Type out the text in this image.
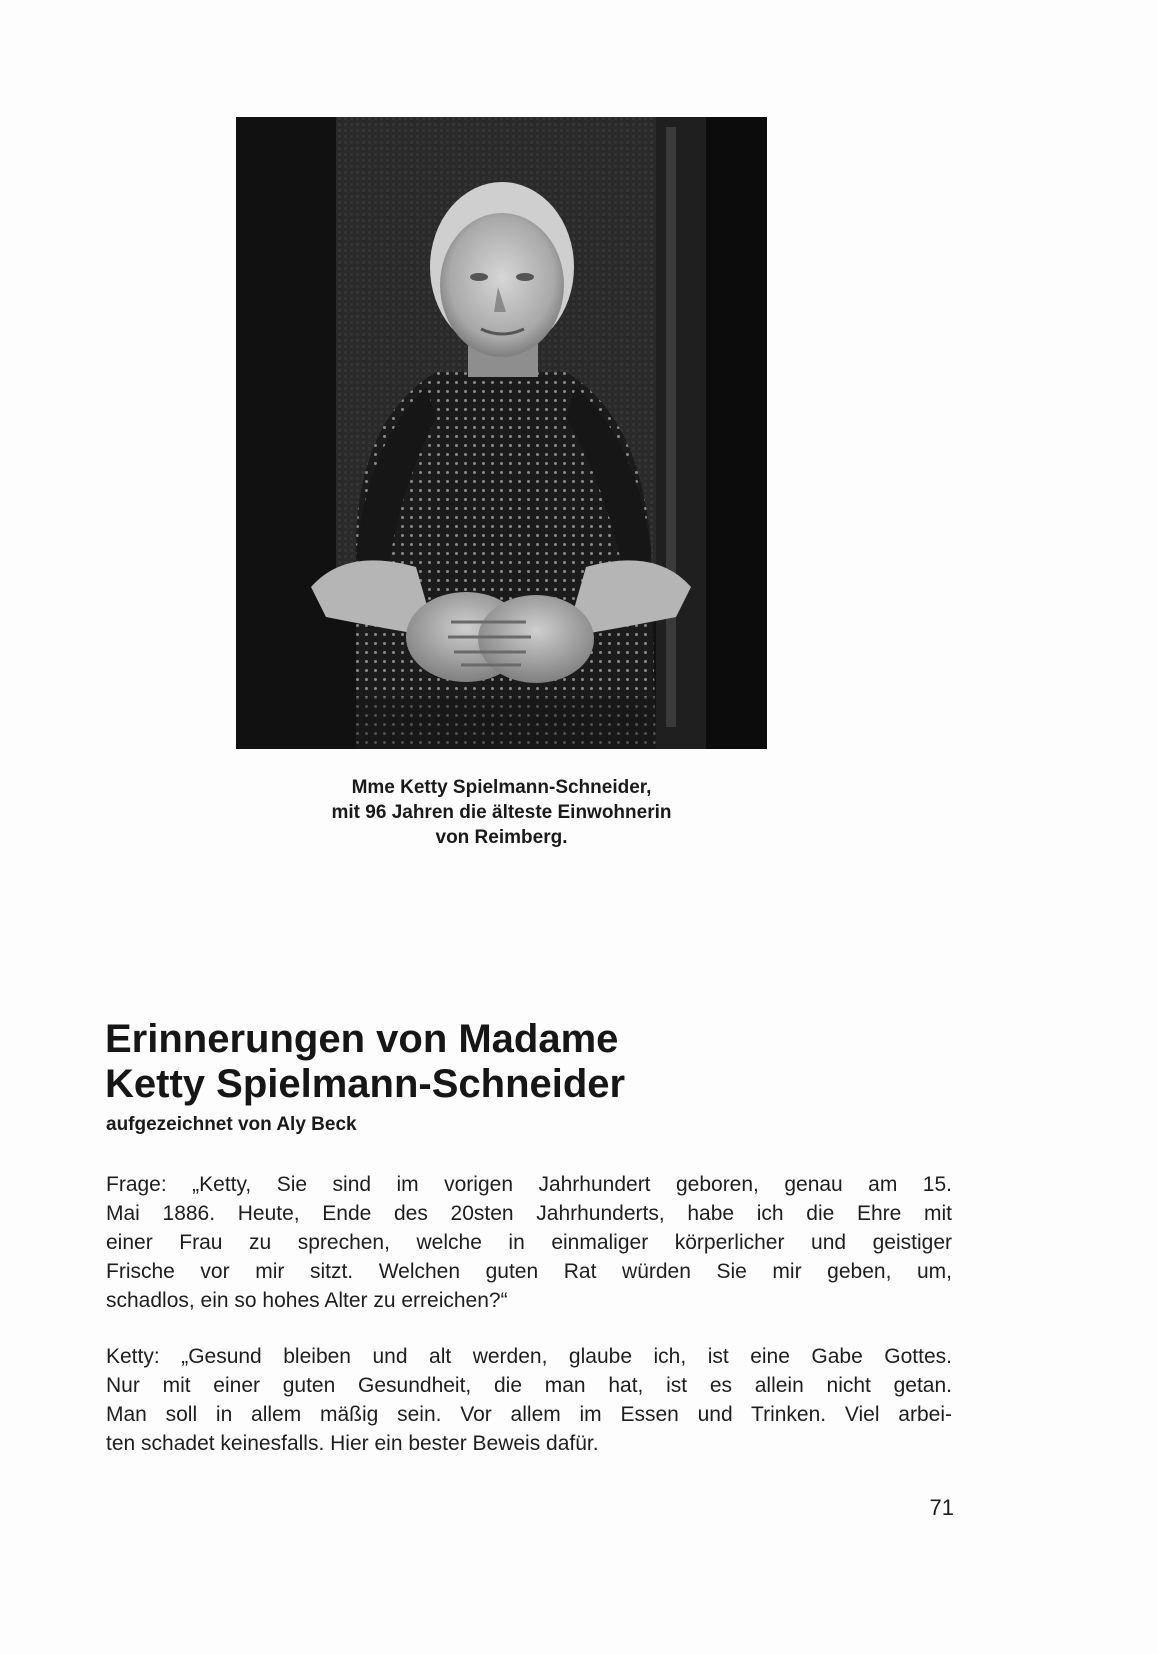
Mme Ketty Spielmann-Schneider,
mit 96 Jahren die älteste Einwohnerin
von Reimberg.
Erinnerungen von Madame
Ketty Spielmann-Schneider
aufgezeichnet von Aly Beck
Frage: „Ketty, Sie sind im vorigen Jahrhundert geboren, genau am 15.
Mai 1886. Heute, Ende des 20sten Jahrhunderts, habe ich die Ehre mit
einer Frau zu sprechen, welche in einmaliger körperlicher und geistiger
Frische vor mir sitzt. Welchen guten Rat würden Sie mir geben, um,
schadlos, ein so hohes Alter zu erreichen?“
Ketty: „Gesund bleiben und alt werden, glaube ich, ist eine Gabe Gottes.
Nur mit einer guten Gesundheit, die man hat, ist es allein nicht getan.
Man soll in allem mäßig sein. Vor allem im Essen und Trinken. Viel arbei-
ten schadet keinesfalls. Hier ein bester Beweis dafür.
71
